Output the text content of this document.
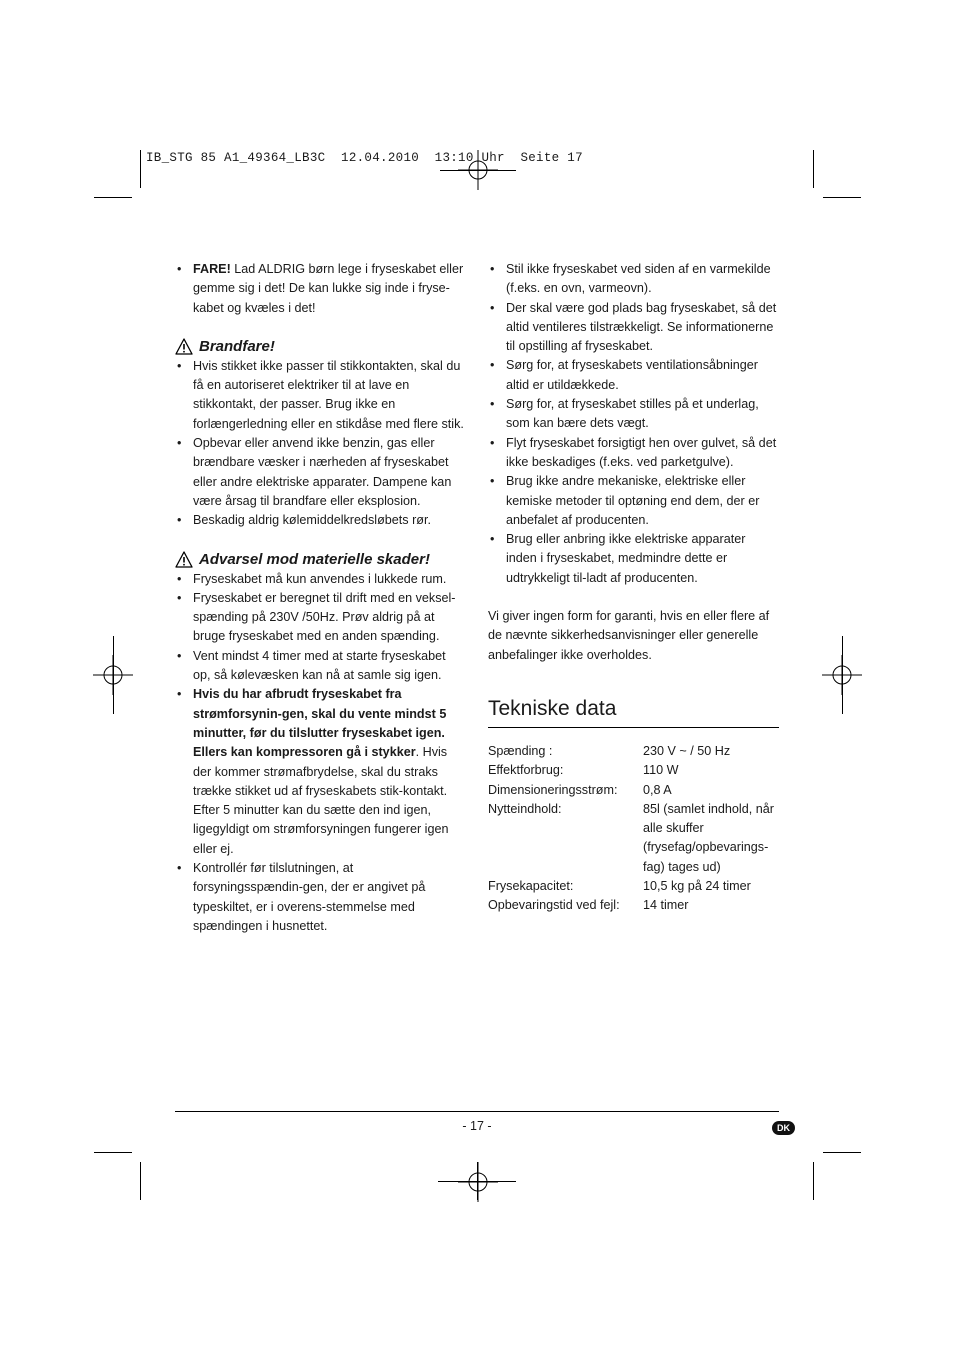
IB_STG 85 A1_49364_LB3C  12.04.2010  13:10 Uhr  Seite 17
• FARE! Lad ALDRIG børn lege i fryseskabet eller gemme sig i det! De kan lukke sig inde i fryse-kabet og kvæles i det!
Brandfare!
• Hvis stikket ikke passer til stikkontakten, skal du få en autoriseret elektriker til at lave en stikkontakt, der passer. Brug ikke en forlængerledning eller en stikdåse med flere stik.
• Opbevar eller anvend ikke benzin, gas eller brændbare væsker i nærheden af fryseskabet eller andre elektriske apparater. Dampene kan være årsag til brandfare eller eksplosion.
• Beskadig aldrig kølemiddelkredsløbets rør.
Advarsel mod materielle skader!
• Fryseskabet må kun anvendes i lukkede rum.
• Fryseskabet er beregnet til drift med en veksel-spænding på 230V /50Hz. Prøv aldrig på at bruge fryseskabet med en anden spænding.
• Vent mindst 4 timer med at starte fryseskabet op, så kølevæsken kan nå at samle sig igen.
• Hvis du har afbrudt fryseskabet fra strømforsynin-gen, skal du vente mindst 5 minutter, før du tilslutter fryseskabet igen. Ellers kan kompressoren gå i stykker. Hvis der kommer strømafbrydelse, skal du straks trække stikket ud af fryseskabets stik-kontakt. Efter 5 minutter kan du sætte den ind igen, ligegyldigt om strømforsyningen fungerer igen eller ej.
• Kontrollér før tilslutningen, at forsyningsspændin-gen, der er angivet på typeskiltet, er i overens-stemmelse med spændingen i husnettet.
• Stil ikke fryseskabet ved siden af en varmekilde (f.eks. en ovn, varmeovn).
• Der skal være god plads bag fryseskabet, så det altid ventileres tilstrækkeligt. Se informationerne til opstilling af fryseskabet.
• Sørg for, at fryseskabets ventilationsåbninger altid er utildækkede.
• Sørg for, at fryseskabet stilles på et underlag, som kan bære dets vægt.
• Flyt fryseskabet forsigtigt hen over gulvet, så det ikke beskadiges (f.eks. ved parketgulve).
• Brug ikke andre mekaniske, elektriske eller kemiske metoder til optøning end dem, der er anbefalet af producenten.
• Brug eller anbring ikke elektriske apparater inden i fryseskabet, medmindre dette er udtrykkeligt til-ladt af producenten.

Vi giver ingen form for garanti, hvis en eller flere af de nævnte sikkerhedsanvisninger eller generelle anbefalinger ikke overholdes.

Tekniske data
Spænding :	230 V ~ / 50 Hz
Effektforbrug:	110 W
Dimensioneringsstrøm:	0,8 A
Nytteindhold:	85l (samlet indhold, når alle skuffer (frysefag/opbevarings-fag) tages ud)
Frysekapacitet:	10,5 kg på 24 timer
Opbevaringstid ved fejl:	14 timer
- 17 -	DK
